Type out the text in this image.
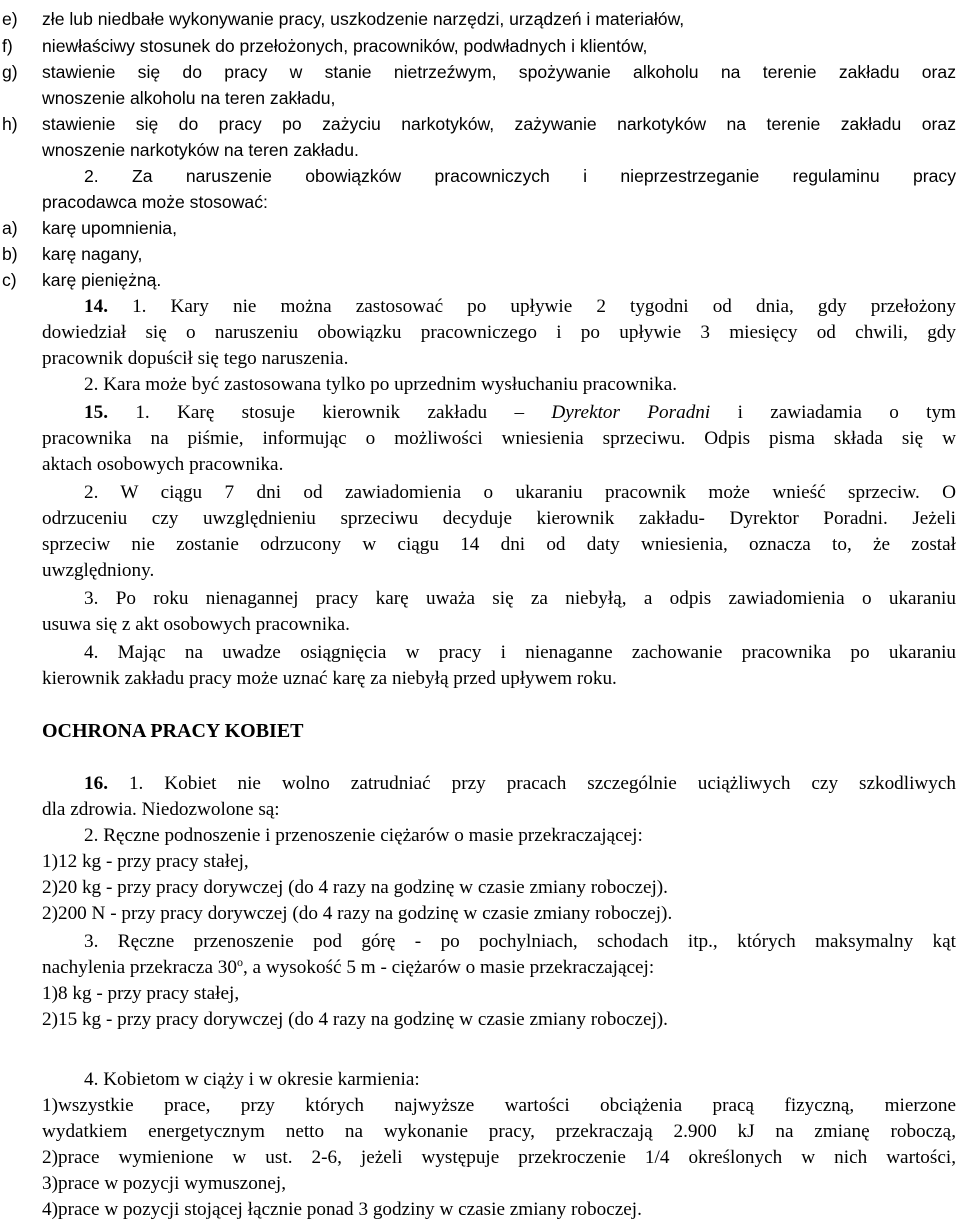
e) złe lub niedbałe wykonywanie pracy, uszkodzenie narzędzi, urządzeń i materiałów,
f) niewłaściwy stosunek do przełożonych, pracowników, podwładnych i klientów,
g) stawienie się do pracy w stanie nietrzeźwym, spożywanie alkoholu na terenie zakładu oraz
wnoszenie alkoholu na teren zakładu,
h) stawienie się do pracy po zażyciu narkotyków, zażywanie narkotyków na terenie zakładu oraz
wnoszenie narkotyków na teren zakładu.
2. Za naruszenie obowiązków pracowniczych i nieprzestrzeganie regulaminu pracy
pracodawca może stosować:
a) karę upomnienia,
b) karę nagany,
c) karę pieniężną.
14. 1. Kary nie można zastosować po upływie 2 tygodni od dnia, gdy przełożony
dowiedział się o naruszeniu obowiązku pracowniczego i po upływie 3 miesięcy od chwili, gdy
pracownik dopuścił się tego naruszenia.
2. Kara może być zastosowana tylko po uprzednim wysłuchaniu pracownika.
15. 1. Karę stosuje kierownik zakładu – Dyrektor Poradni i zawiadamia o tym
pracownika na piśmie, informując o możliwości wniesienia sprzeciwu. Odpis pisma składa się w
aktach osobowych pracownika.
2. W ciągu 7 dni od zawiadomienia o ukaraniu pracownik może wnieść sprzeciw. O
odrzuceniu czy uwzględnieniu sprzeciwu decyduje kierownik zakładu- Dyrektor Poradni. Jeżeli
sprzeciw nie zostanie odrzucony w ciągu 14 dni od daty wniesienia, oznacza to, że został
uwzględniony.
3. Po roku nienagannej pracy karę uważa się za niebyłą, a odpis zawiadomienia o ukaraniu
usuwa się z akt osobowych pracownika.
4. Mając na uwadze osiągnięcia w pracy i nienaganne zachowanie pracownika po ukaraniu
kierownik zakładu pracy może uznać karę za niebyłą przed upływem roku.
OCHRONA PRACY KOBIET
16. 1. Kobiet nie wolno zatrudniać przy pracach szczególnie uciążliwych czy szkodliwych
dla zdrowia. Niedozwolone są:
2. Ręczne podnoszenie i przenoszenie ciężarów o masie przekraczającej:
1)12 kg - przy pracy stałej,
2)20 kg - przy pracy dorywczej (do 4 razy na godzinę w czasie zmiany roboczej).
2)200 N - przy pracy dorywczej (do 4 razy na godzinę w czasie zmiany roboczej).
3. Ręczne przenoszenie pod górę - po pochylniach, schodach itp., których maksymalny kąt
nachylenia przekracza 30$^o$, a wysokość 5 m - ciężarów o masie przekraczającej:
1)8 kg - przy pracy stałej,
2)15 kg - przy pracy dorywczej (do 4 razy na godzinę w czasie zmiany roboczej).
4. Kobietom w ciąży i w okresie karmienia:
1)wszystkie prace, przy których najwyższe wartości obciążenia pracą fizyczną, mierzone
wydatkiem energetycznym netto na wykonanie pracy, przekraczają 2.900 kJ na zmianę roboczą,
2)prace wymienione w ust. 2-6, jeżeli występuje przekroczenie 1/4 określonych w nich wartości,
3)prace w pozycji wymuszonej,
4)prace w pozycji stojącej łącznie ponad 3 godziny w czasie zmiany roboczej.
